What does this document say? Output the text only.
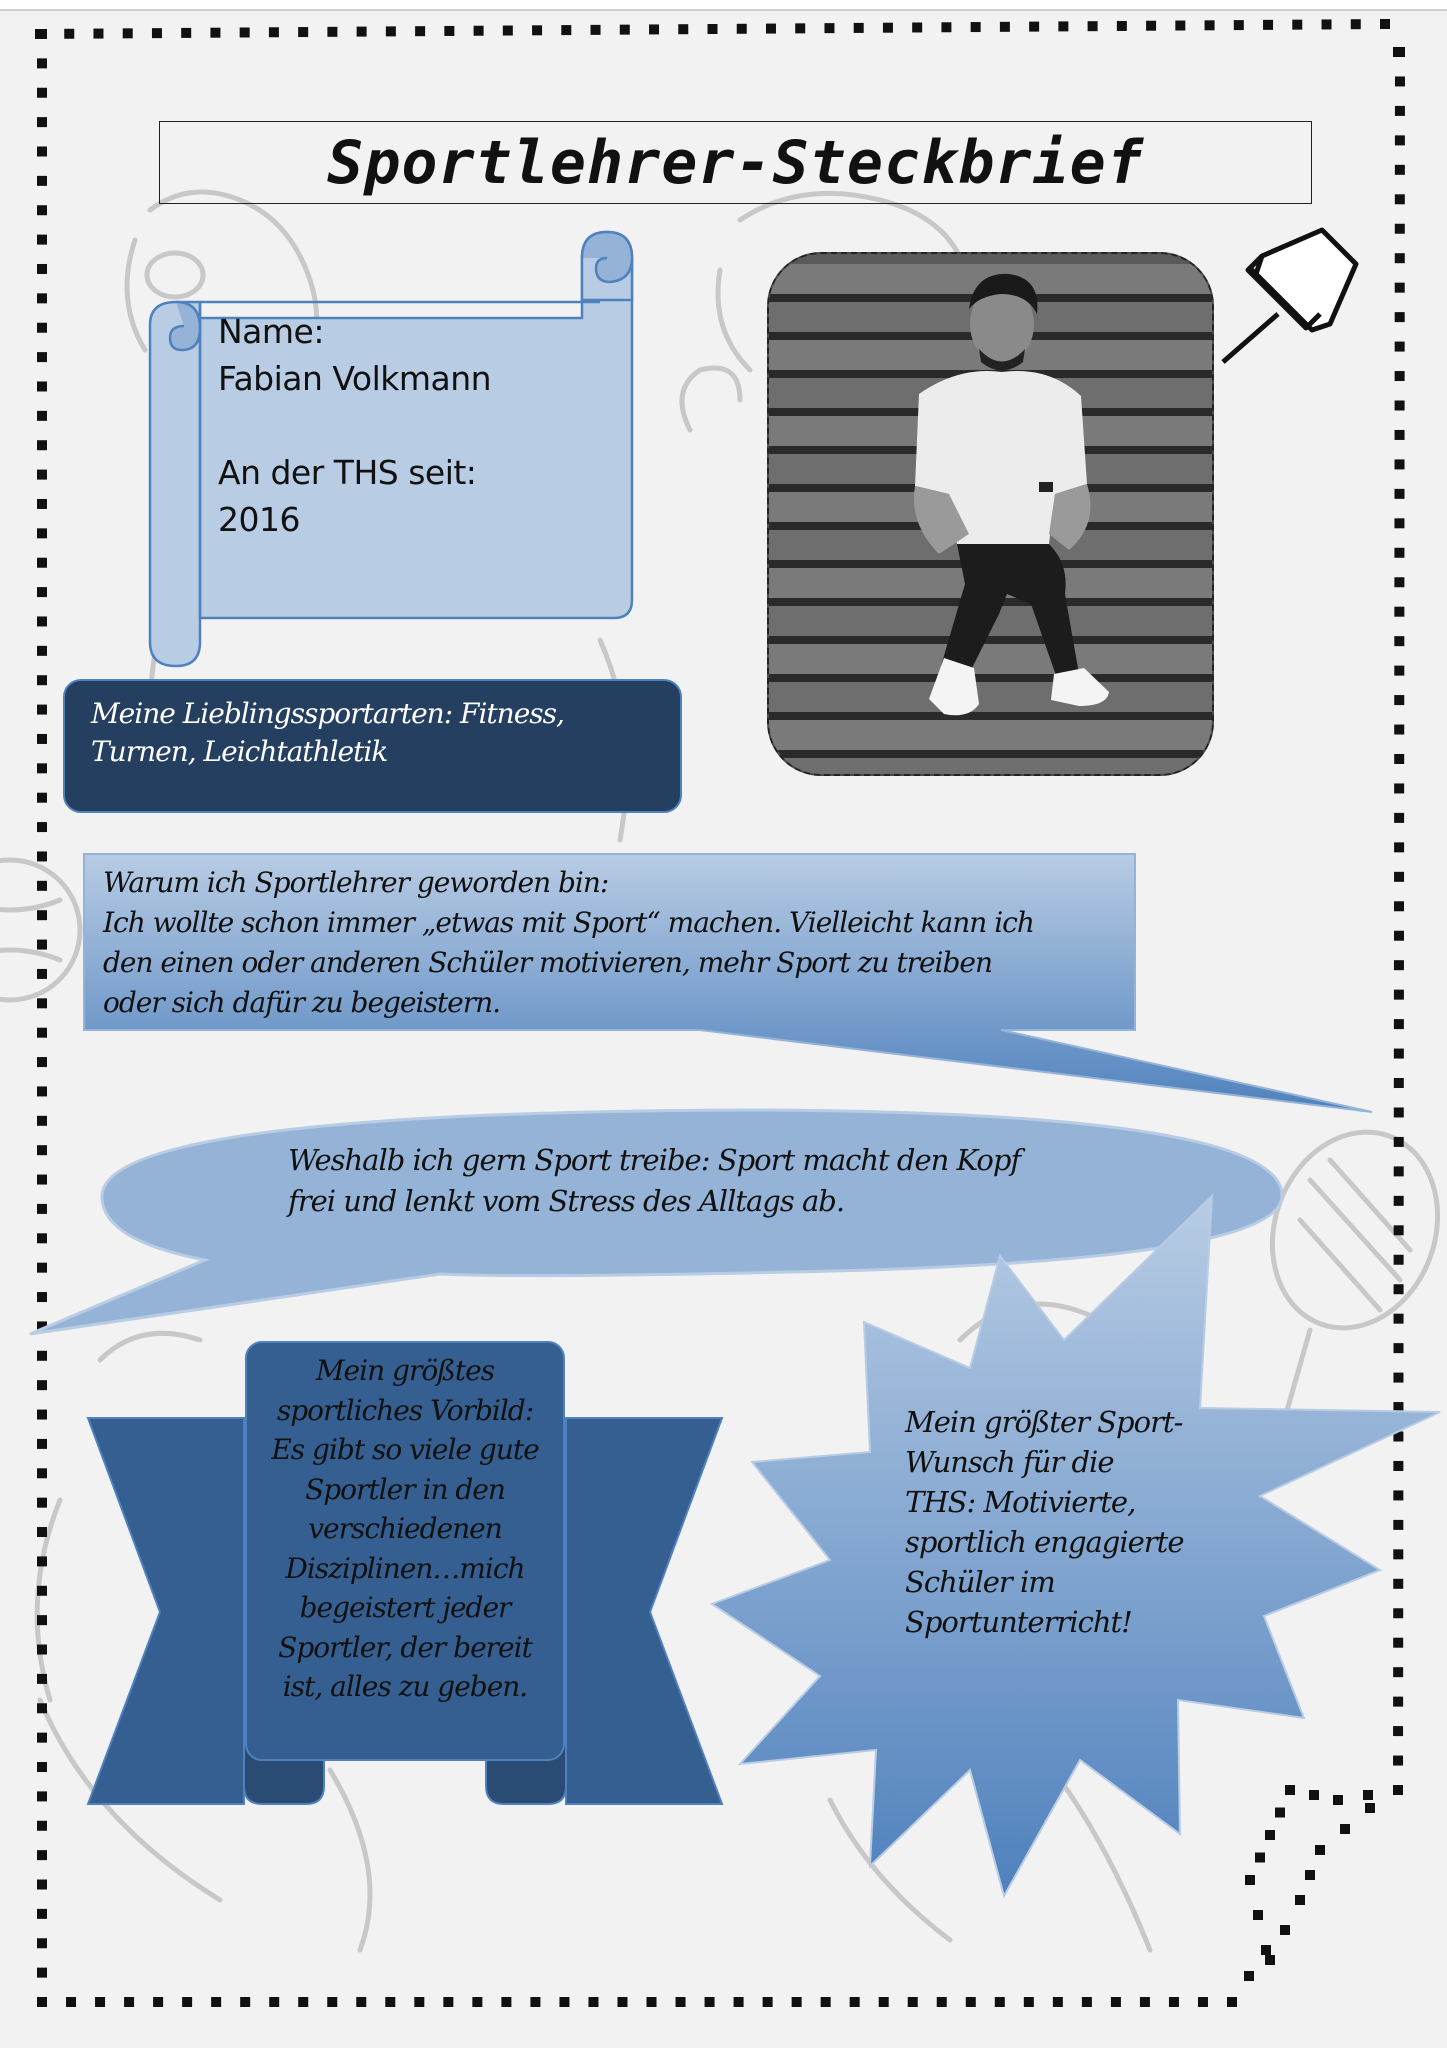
Sportlehrer-Steckbrief
Name:
Fabian Volkmann
An der THS seit:
2016
Meine Lieblingssportarten: Fitness,
Turnen, Leichtathletik
Warum ich Sportlehrer geworden bin:
Ich wollte schon immer „etwas mit Sport“ machen. Vielleicht kann ich
den einen oder anderen Schüler motivieren, mehr Sport zu treiben
oder sich dafür zu begeistern.
Weshalb ich gern Sport treibe: Sport macht den Kopf
frei und lenkt vom Stress des Alltags ab.
Mein größtes
sportliches Vorbild:
Es gibt so viele gute
Sportler in den
verschiedenen
Disziplinen…mich
begeistert jeder
Sportler, der bereit
ist, alles zu geben.
Mein größter Sport-
Wunsch für die
THS: Motivierte,
sportlich engagierte
Schüler im
Sportunterricht!
